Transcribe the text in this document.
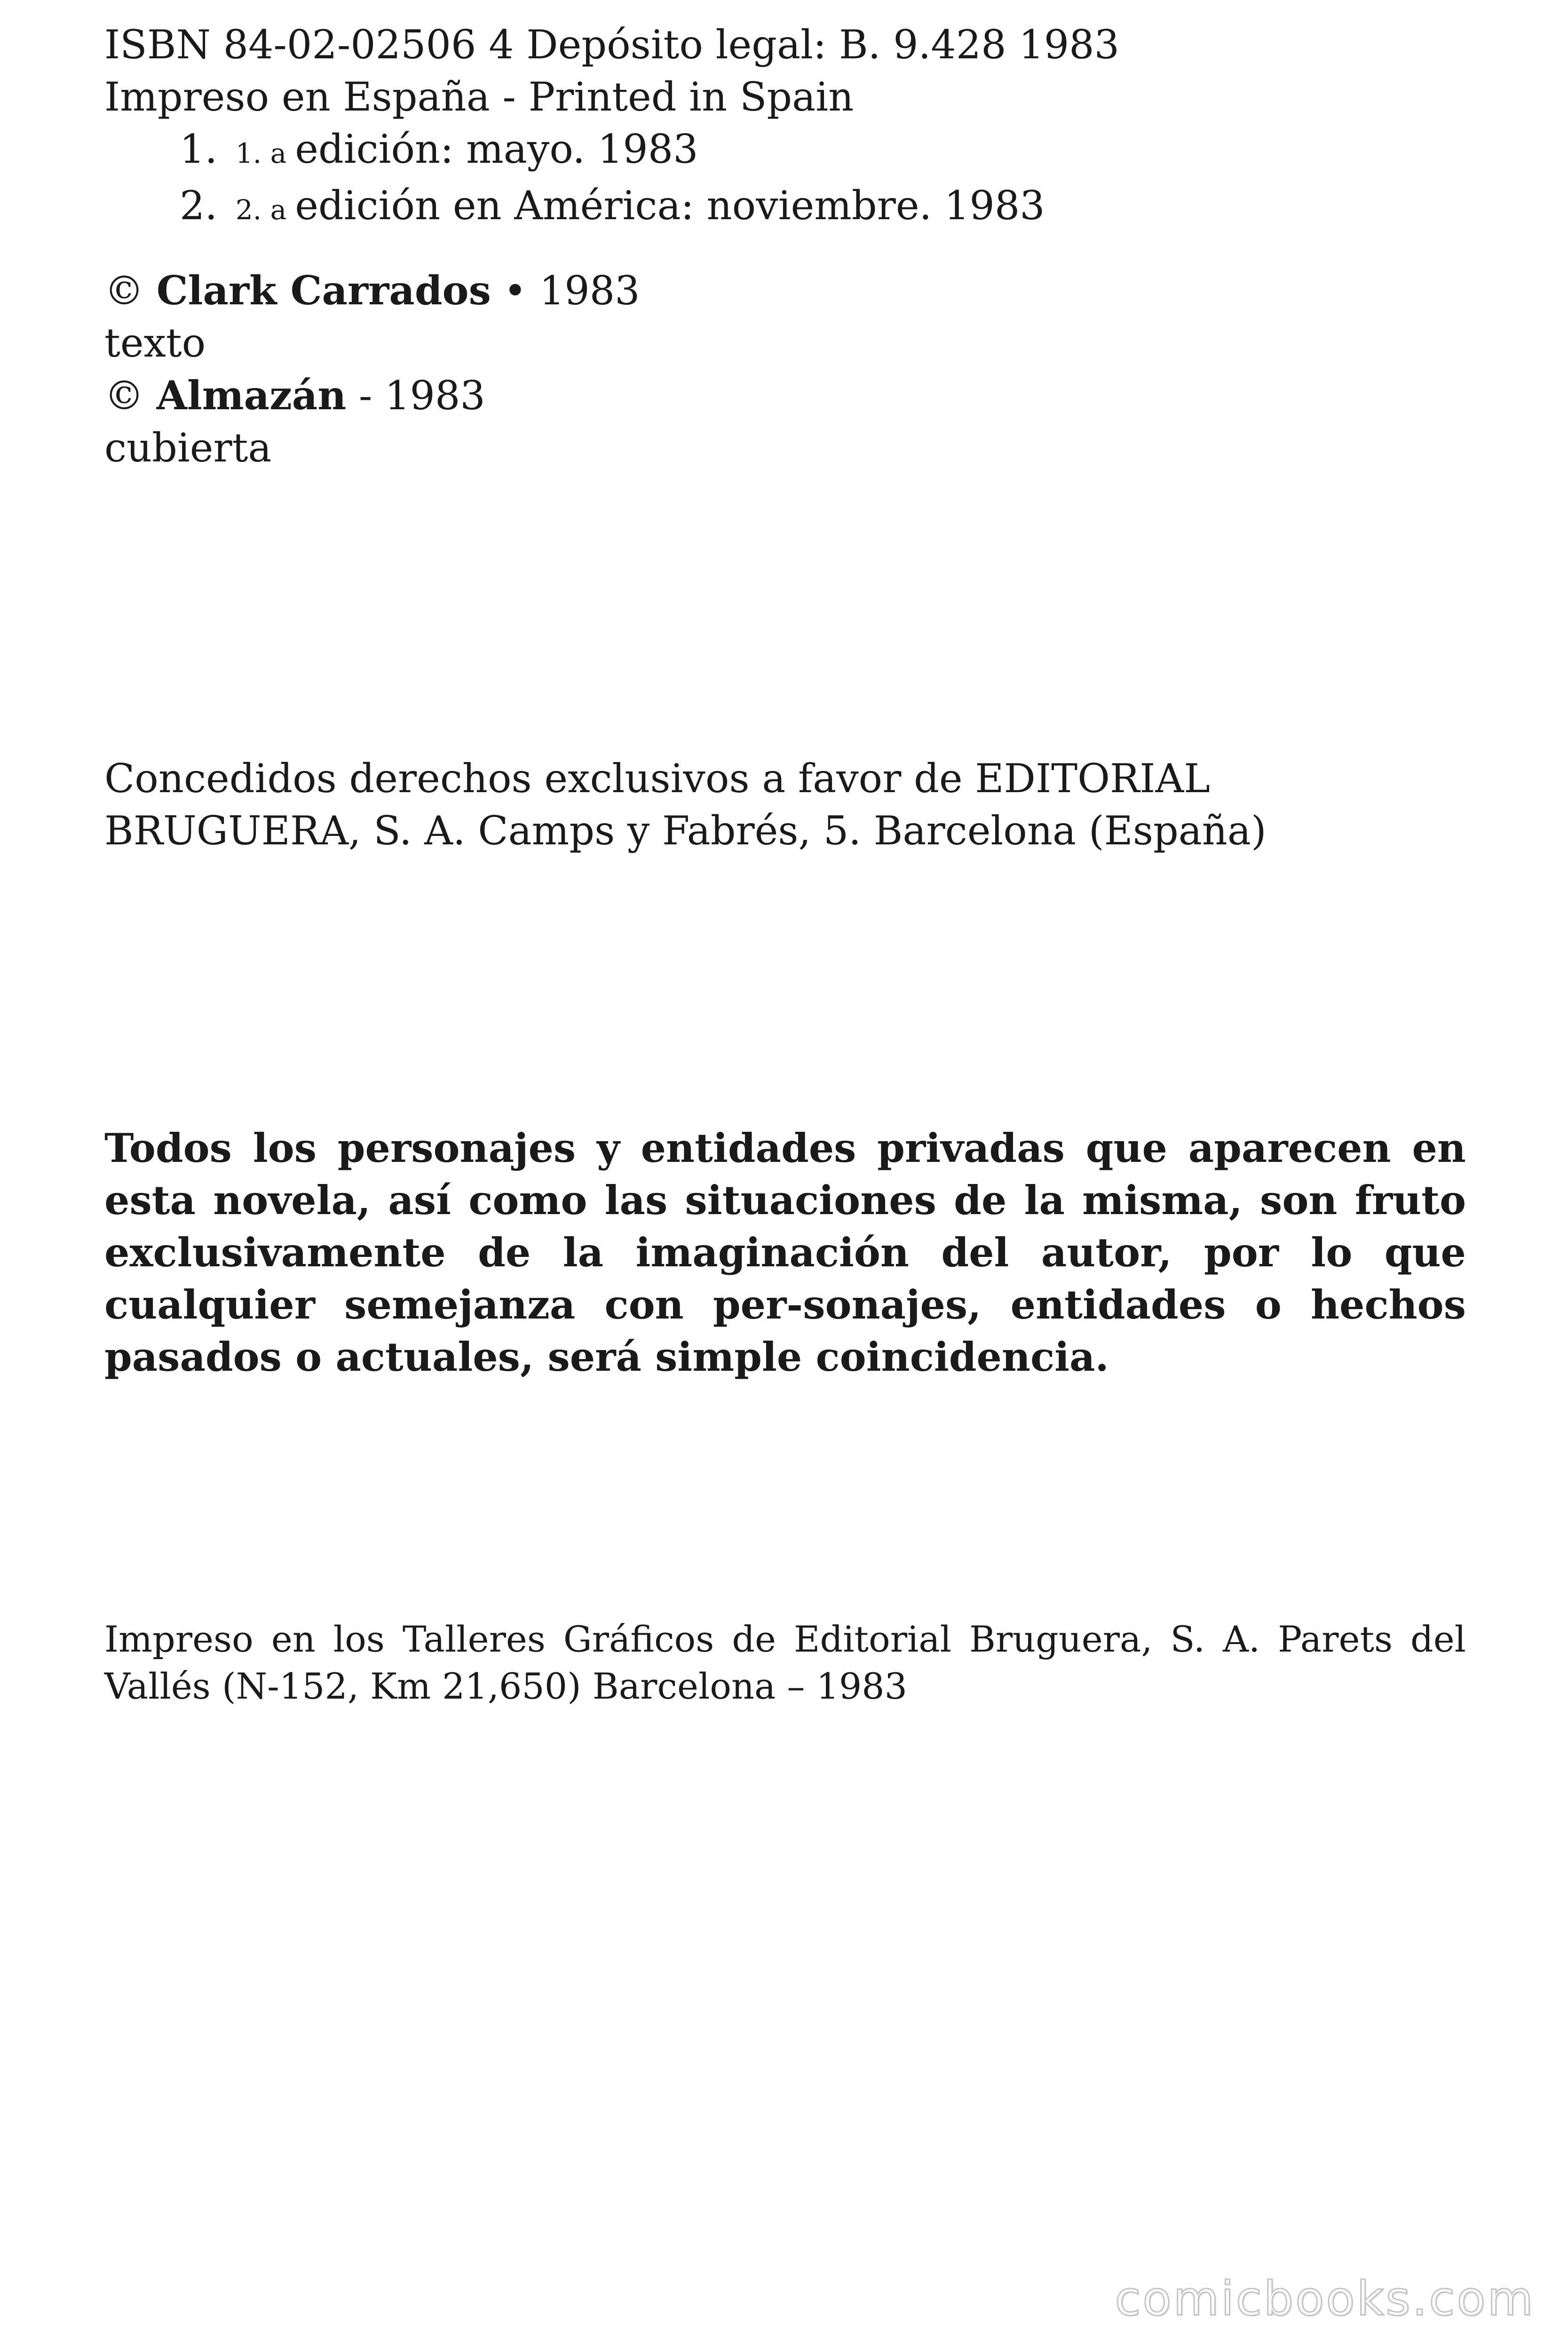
ISBN 84-02-02506 4 Depósito legal: B. 9.428 1983
Impreso en España - Printed in Spain
1. 1. a edición: mayo. 1983
2. 2. a edición en América: noviembre. 1983
© Clark Carrados • 1983
texto
© Almazán - 1983
cubierta
Concedidos derechos exclusivos a favor de EDITORIAL BRUGUERA, S. A. Camps y Fabrés, 5. Barcelona (España)
Todos los personajes y entidades privadas que aparecen en esta novela, así como las situaciones de la misma, son fruto exclusivamente de la imaginación del autor, por lo que cualquier semejanza con per-sonajes, entidades o hechos pasados o actuales, será simple coincidencia.
Impreso en los Talleres Gráficos de Editorial Bruguera, S. A. Parets del Vallés (N-152, Km 21,650) Barcelona – 1983
comicbooks.com
